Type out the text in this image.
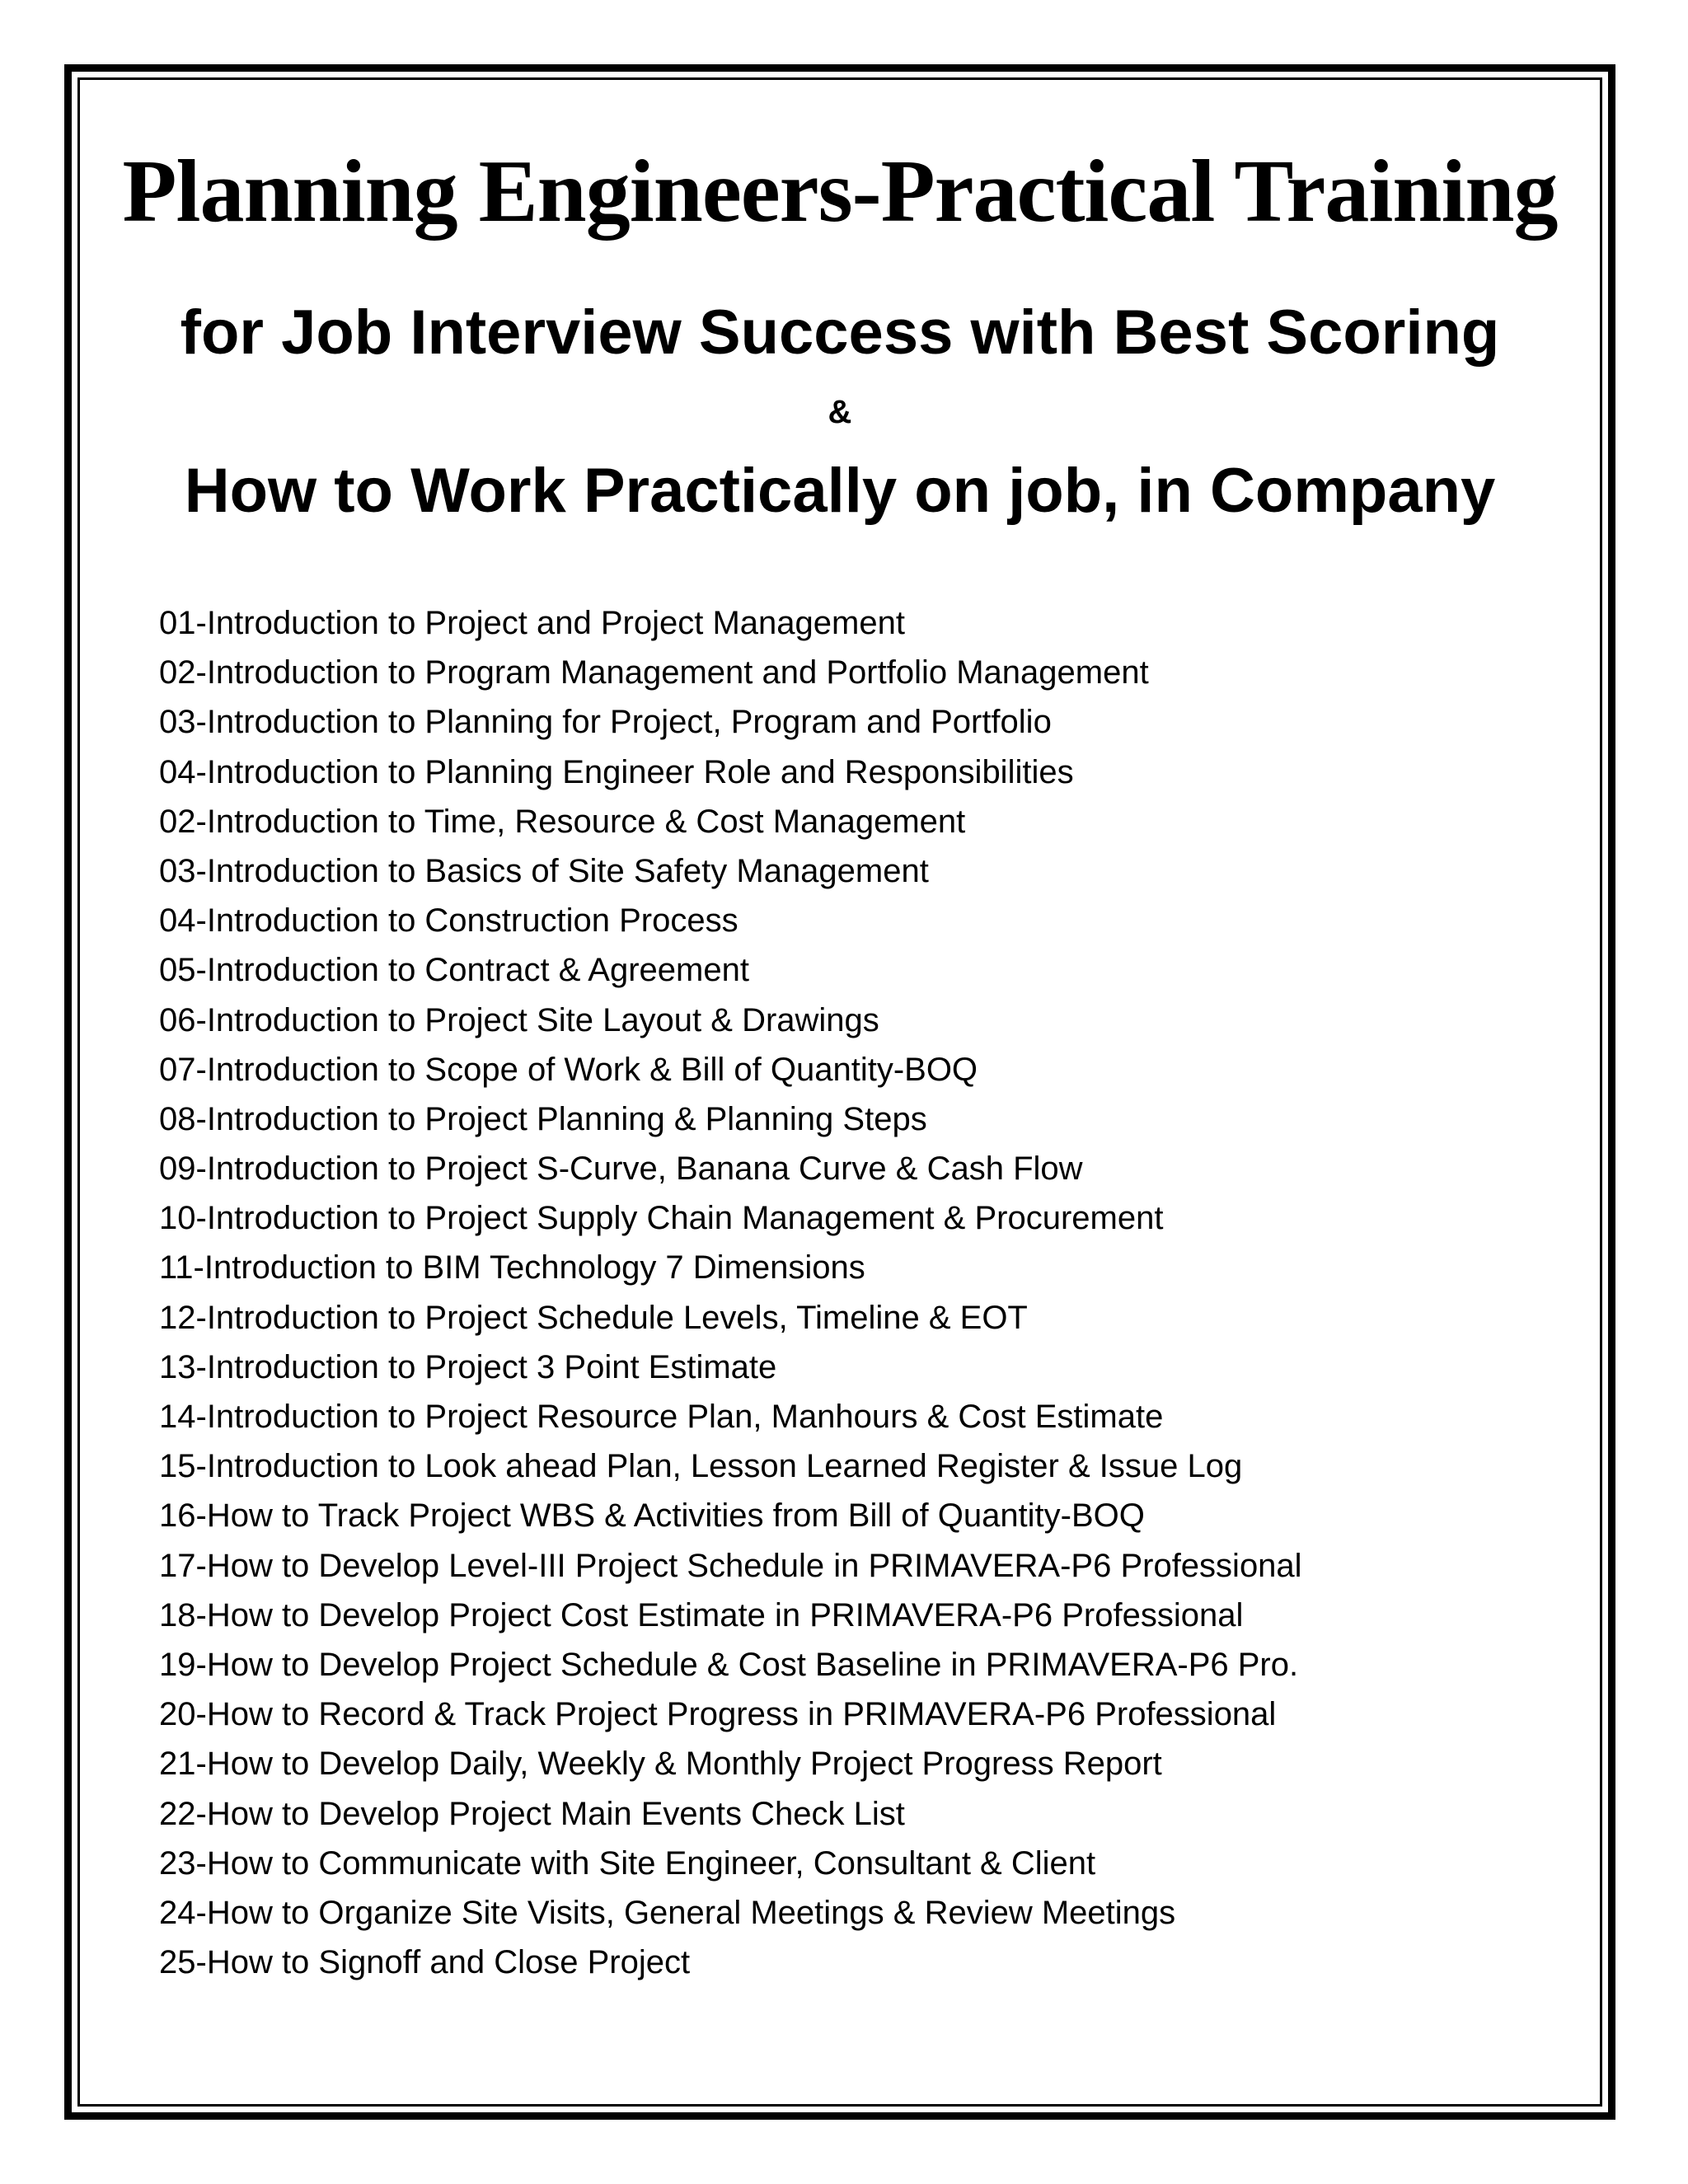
Planning Engineers-Practical Training
for Job Interview Success with Best Scoring
&
How to Work Practically on job, in Company
01-Introduction to Project and Project Management
02-Introduction to Program Management and Portfolio Management
03-Introduction to Planning for Project, Program and Portfolio
04-Introduction to Planning Engineer Role and Responsibilities
02-Introduction to Time, Resource & Cost Management
03-Introduction to Basics of Site Safety Management
04-Introduction to Construction Process
05-Introduction to Contract & Agreement
06-Introduction to Project Site Layout & Drawings
07-Introduction to Scope of Work & Bill of Quantity-BOQ
08-Introduction to Project Planning & Planning Steps
09-Introduction to Project S-Curve, Banana Curve & Cash Flow
10-Introduction to Project Supply Chain Management & Procurement
11-Introduction to BIM Technology 7 Dimensions
12-Introduction to Project Schedule Levels, Timeline & EOT
13-Introduction to Project 3 Point Estimate
14-Introduction to Project Resource Plan, Manhours & Cost Estimate
15-Introduction to Look ahead Plan, Lesson Learned Register & Issue Log
16-How to Track Project WBS & Activities from Bill of Quantity-BOQ
17-How to Develop Level-III Project Schedule in PRIMAVERA-P6 Professional
18-How to Develop Project Cost Estimate in PRIMAVERA-P6 Professional
19-How to Develop Project Schedule & Cost Baseline in PRIMAVERA-P6 Pro.
20-How to Record & Track Project Progress in PRIMAVERA-P6 Professional
21-How to Develop Daily, Weekly & Monthly Project Progress Report
22-How to Develop Project Main Events Check List
23-How to Communicate with Site Engineer, Consultant & Client
24-How to Organize Site Visits, General Meetings & Review Meetings
25-How to Signoff and Close Project
